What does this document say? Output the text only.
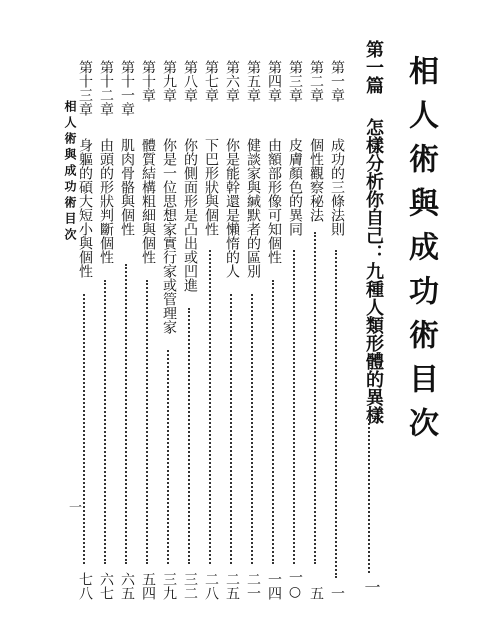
相人術與成功術目次
第一篇
怎樣分析你自己：九種人類形體的異樣
一
第一章
成功的三條法則
一
第二章
個性觀察秘法
五
第三章
皮膚顏色的異同
一○
第四章
由額部形像可知個性
一四
第五章
健談家與緘默者的區別
二一
第六章
你是能幹還是懶惰的人
二五
第七章
下巴形狀與個性
二八
第八章
你的側面形是凸出或凹進
三二
第九章
你是一位思想家實行家或管理家
三九
第十章
體質結構粗細與個性
五四
第十一章
肌肉骨骼與個性
六五
第十二章
由頭的形狀判斷個性
六七
第十三章
身軀的碩大短小與個性
七八
相人術與成功術目次
一
